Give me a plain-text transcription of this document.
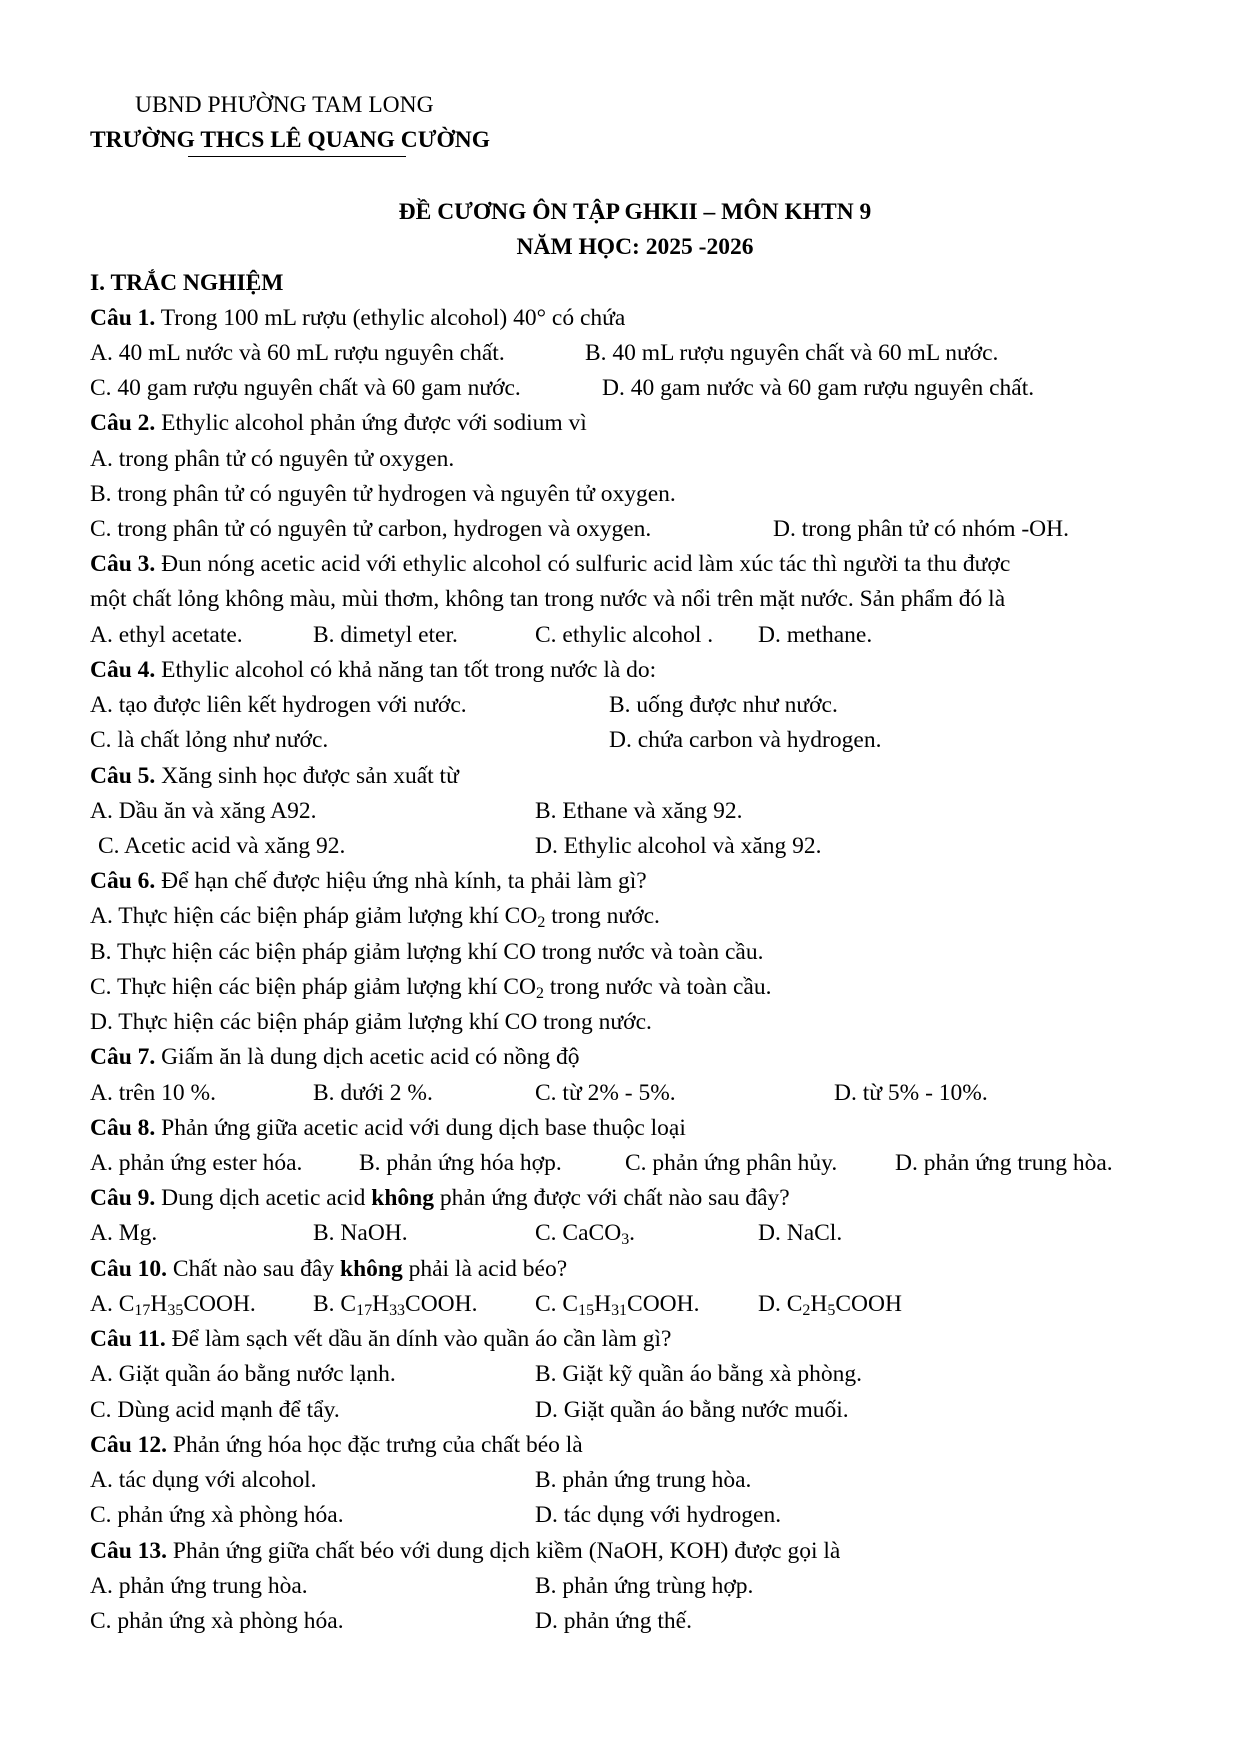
UBND PHƯỜNG TAM LONG
TRƯỜNG THCS LÊ QUANG CƯỜNG
ĐỀ CƯƠNG ÔN TẬP GHKII – MÔN KHTN 9
NĂM HỌC: 2025 -2026
I. TRẮC NGHIỆM
Câu 1. Trong 100 mL rượu (ethylic alcohol) 40° có chứa
A. 40 mL nước và 60 mL rượu nguyên chất.	B. 40 mL rượu nguyên chất và 60 mL nước.
C. 40 gam rượu nguyên chất và 60 gam nước.	D. 40 gam nước và 60 gam rượu nguyên chất.
Câu 2. Ethylic alcohol phản ứng được với sodium vì
A. trong phân tử có nguyên tử oxygen.
B. trong phân tử có nguyên tử hydrogen và nguyên tử oxygen.
C. trong phân tử có nguyên tử carbon, hydrogen và oxygen.	D. trong phân tử có nhóm -OH.
Câu 3. Đun nóng acetic acid với ethylic alcohol có sulfuric acid làm xúc tác thì người ta thu được
một chất lỏng không màu, mùi thơm, không tan trong nước và nổi trên mặt nước. Sản phẩm đó là
A. ethyl acetate.	B. dimetyl eter.	C. ethylic alcohol . D. methane.
Câu 4. Ethylic alcohol có khả năng tan tốt trong nước là do:
A. tạo được liên kết hydrogen với nước.	B. uống được như nước.
C. là chất lỏng như nước.	D. chứa carbon và hydrogen.
Câu 5. Xăng sinh học được sản xuất từ
A. Dầu ăn và xăng A92.	B. Ethane và xăng 92.
C. Acetic acid và xăng 92.	D. Ethylic alcohol và xăng 92.
Câu 6. Để hạn chế được hiệu ứng nhà kính, ta phải làm gì?
A. Thực hiện các biện pháp giảm lượng khí $CO_2$ trong nước.
B. Thực hiện các biện pháp giảm lượng khí CO trong nước và toàn cầu.
C. Thực hiện các biện pháp giảm lượng khí $CO_2$ trong nước và toàn cầu.
D. Thực hiện các biện pháp giảm lượng khí CO trong nước.
Câu 7. Giấm ăn là dung dịch acetic acid có nồng độ
A. trên 10 %.	B. dưới 2 %.	C. từ 2% - 5%.	D. từ 5% - 10%.
Câu 8. Phản ứng giữa acetic acid với dung dịch base thuộc loại
A. phản ứng ester hóa. B. phản ứng hóa hợp.	C. phản ứng phân hủy. D. phản ứng trung hòa.
Câu 9. Dung dịch acetic acid không phản ứng được với chất nào sau đây?
A. Mg.	B. NaOH.	C. CaCO$_3$.	D. NaCl.
Câu 10. Chất nào sau đây không phải là acid béo?
A. $C_{17}H_{35}COOH$. B. $C_{17}H_{33}COOH$. C. $C_{15}H_{31}COOH$. D. $C_2H_5COOH$
Câu 11. Để làm sạch vết dầu ăn dính vào quần áo cần làm gì?
A. Giặt quần áo bằng nước lạnh.	B. Giặt kỹ quần áo bằng xà phòng.
C. Dùng acid mạnh để tẩy.	D. Giặt quần áo bằng nước muối.
Câu 12. Phản ứng hóa học đặc trưng của chất béo là
A. tác dụng với alcohol.	B. phản ứng trung hòa.
C. phản ứng xà phòng hóa.	D. tác dụng với hydrogen.
Câu 13. Phản ứng giữa chất béo với dung dịch kiềm (NaOH, KOH) được gọi là
A. phản ứng trung hòa.	B. phản ứng trùng hợp.
C. phản ứng xà phòng hóa.	D. phản ứng thế.
